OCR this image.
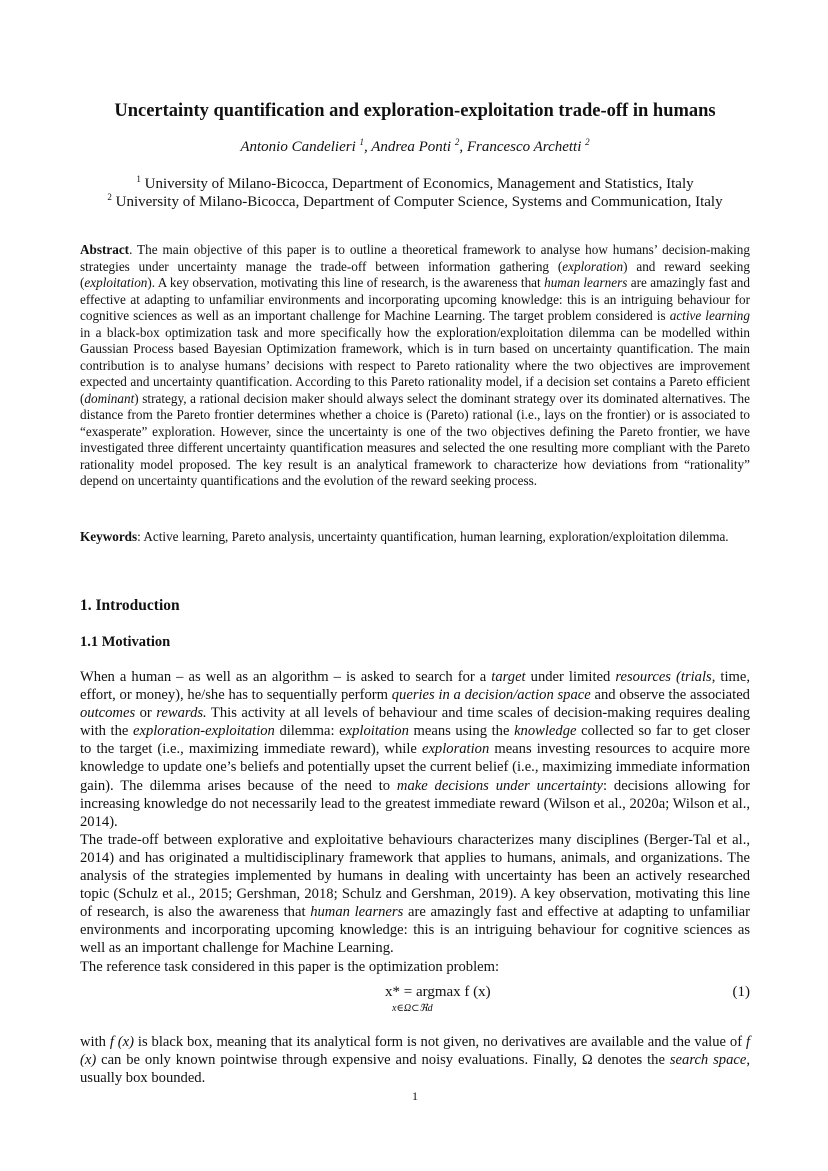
Uncertainty quantification and exploration-exploitation trade-off in humans
Antonio Candelieri $^1$, Andrea Ponti $^2$, Francesco Archetti $^2$
$^1$ University of Milano-Bicocca, Department of Economics, Management and Statistics, Italy
$^2$ University of Milano-Bicocca, Department of Computer Science, Systems and Communication, Italy
Abstract. The main objective of this paper is to outline a theoretical framework to analyse how humans’ decision-making strategies under uncertainty manage the trade-off between information gathering (exploration) and reward seeking (exploitation). A key observation, motivating this line of research, is the awareness that human learners are amazingly fast and effective at adapting to unfamiliar environments and incorporating upcoming knowledge: this is an intriguing behaviour for cognitive sciences as well as an important challenge for Machine Learning. The target problem considered is active learning in a black-box optimization task and more specifically how the exploration/exploitation dilemma can be modelled within Gaussian Process based Bayesian Optimization framework, which is in turn based on uncertainty quantification. The main contribution is to analyse humans’ decisions with respect to Pareto rationality where the two objectives are improvement expected and uncertainty quantification. According to this Pareto rationality model, if a decision set contains a Pareto efficient (dominant) strategy, a rational decision maker should always select the dominant strategy over its dominated alternatives. The distance from the Pareto frontier determines whether a choice is (Pareto) rational (i.e., lays on the frontier) or is associated to “exasperate” exploration. However, since the uncertainty is one of the two objectives defining the Pareto frontier, we have investigated three different uncertainty quantification measures and selected the one resulting more compliant with the Pareto rationality model proposed. The key result is an analytical framework to characterize how deviations from “rationality” depend on uncertainty quantifications and the evolution of the reward seeking process.
Keywords: Active learning, Pareto analysis, uncertainty quantification, human learning, exploration/exploitation dilemma.
1. Introduction
1.1 Motivation

When a human – as well as an algorithm – is asked to search for a target under limited resources (trials, time, effort, or money), he/she has to sequentially perform queries in a decision/action space and observe the associated outcomes or rewards. This activity at all levels of behaviour and time scales of decision-making requires dealing with the exploration-exploitation dilemma: exploitation means using the knowledge collected so far to get closer to the target (i.e., maximizing immediate reward), while exploration means investing resources to acquire more knowledge to update one’s beliefs and potentially upset the current belief (i.e., maximizing immediate information gain). The dilemma arises because of the need to make decisions under uncertainty: decisions allowing for increasing knowledge do not necessarily lead to the greatest immediate reward (Wilson et al., 2020a; Wilson et al., 2014).

The trade-off between explorative and exploitative behaviours characterizes many disciplines (Berger-Tal et al., 2014) and has originated a multidisciplinary framework that applies to humans, animals, and organizations. The analysis of the strategies implemented by humans in dealing with uncertainty has been an actively researched topic (Schulz et al., 2015; Gershman, 2018; Schulz and Gershman, 2019). A key observation, motivating this line of research, is also the awareness that human learners are amazingly fast and effective at adapting to unfamiliar environments and incorporating upcoming knowledge: this is an intriguing behaviour for cognitive sciences as well as an important challenge for Machine Learning.

The reference task considered in this paper is the optimization problem:

x* = argmax f (x)
x∈Ω⊂ℜd
(1)

with f (x) is black box, meaning that its analytical form is not given, no derivatives are available and the value of f (x) can be only known pointwise through expensive and noisy evaluations. Finally, Ω denotes the search space, usually box bounded.

1
